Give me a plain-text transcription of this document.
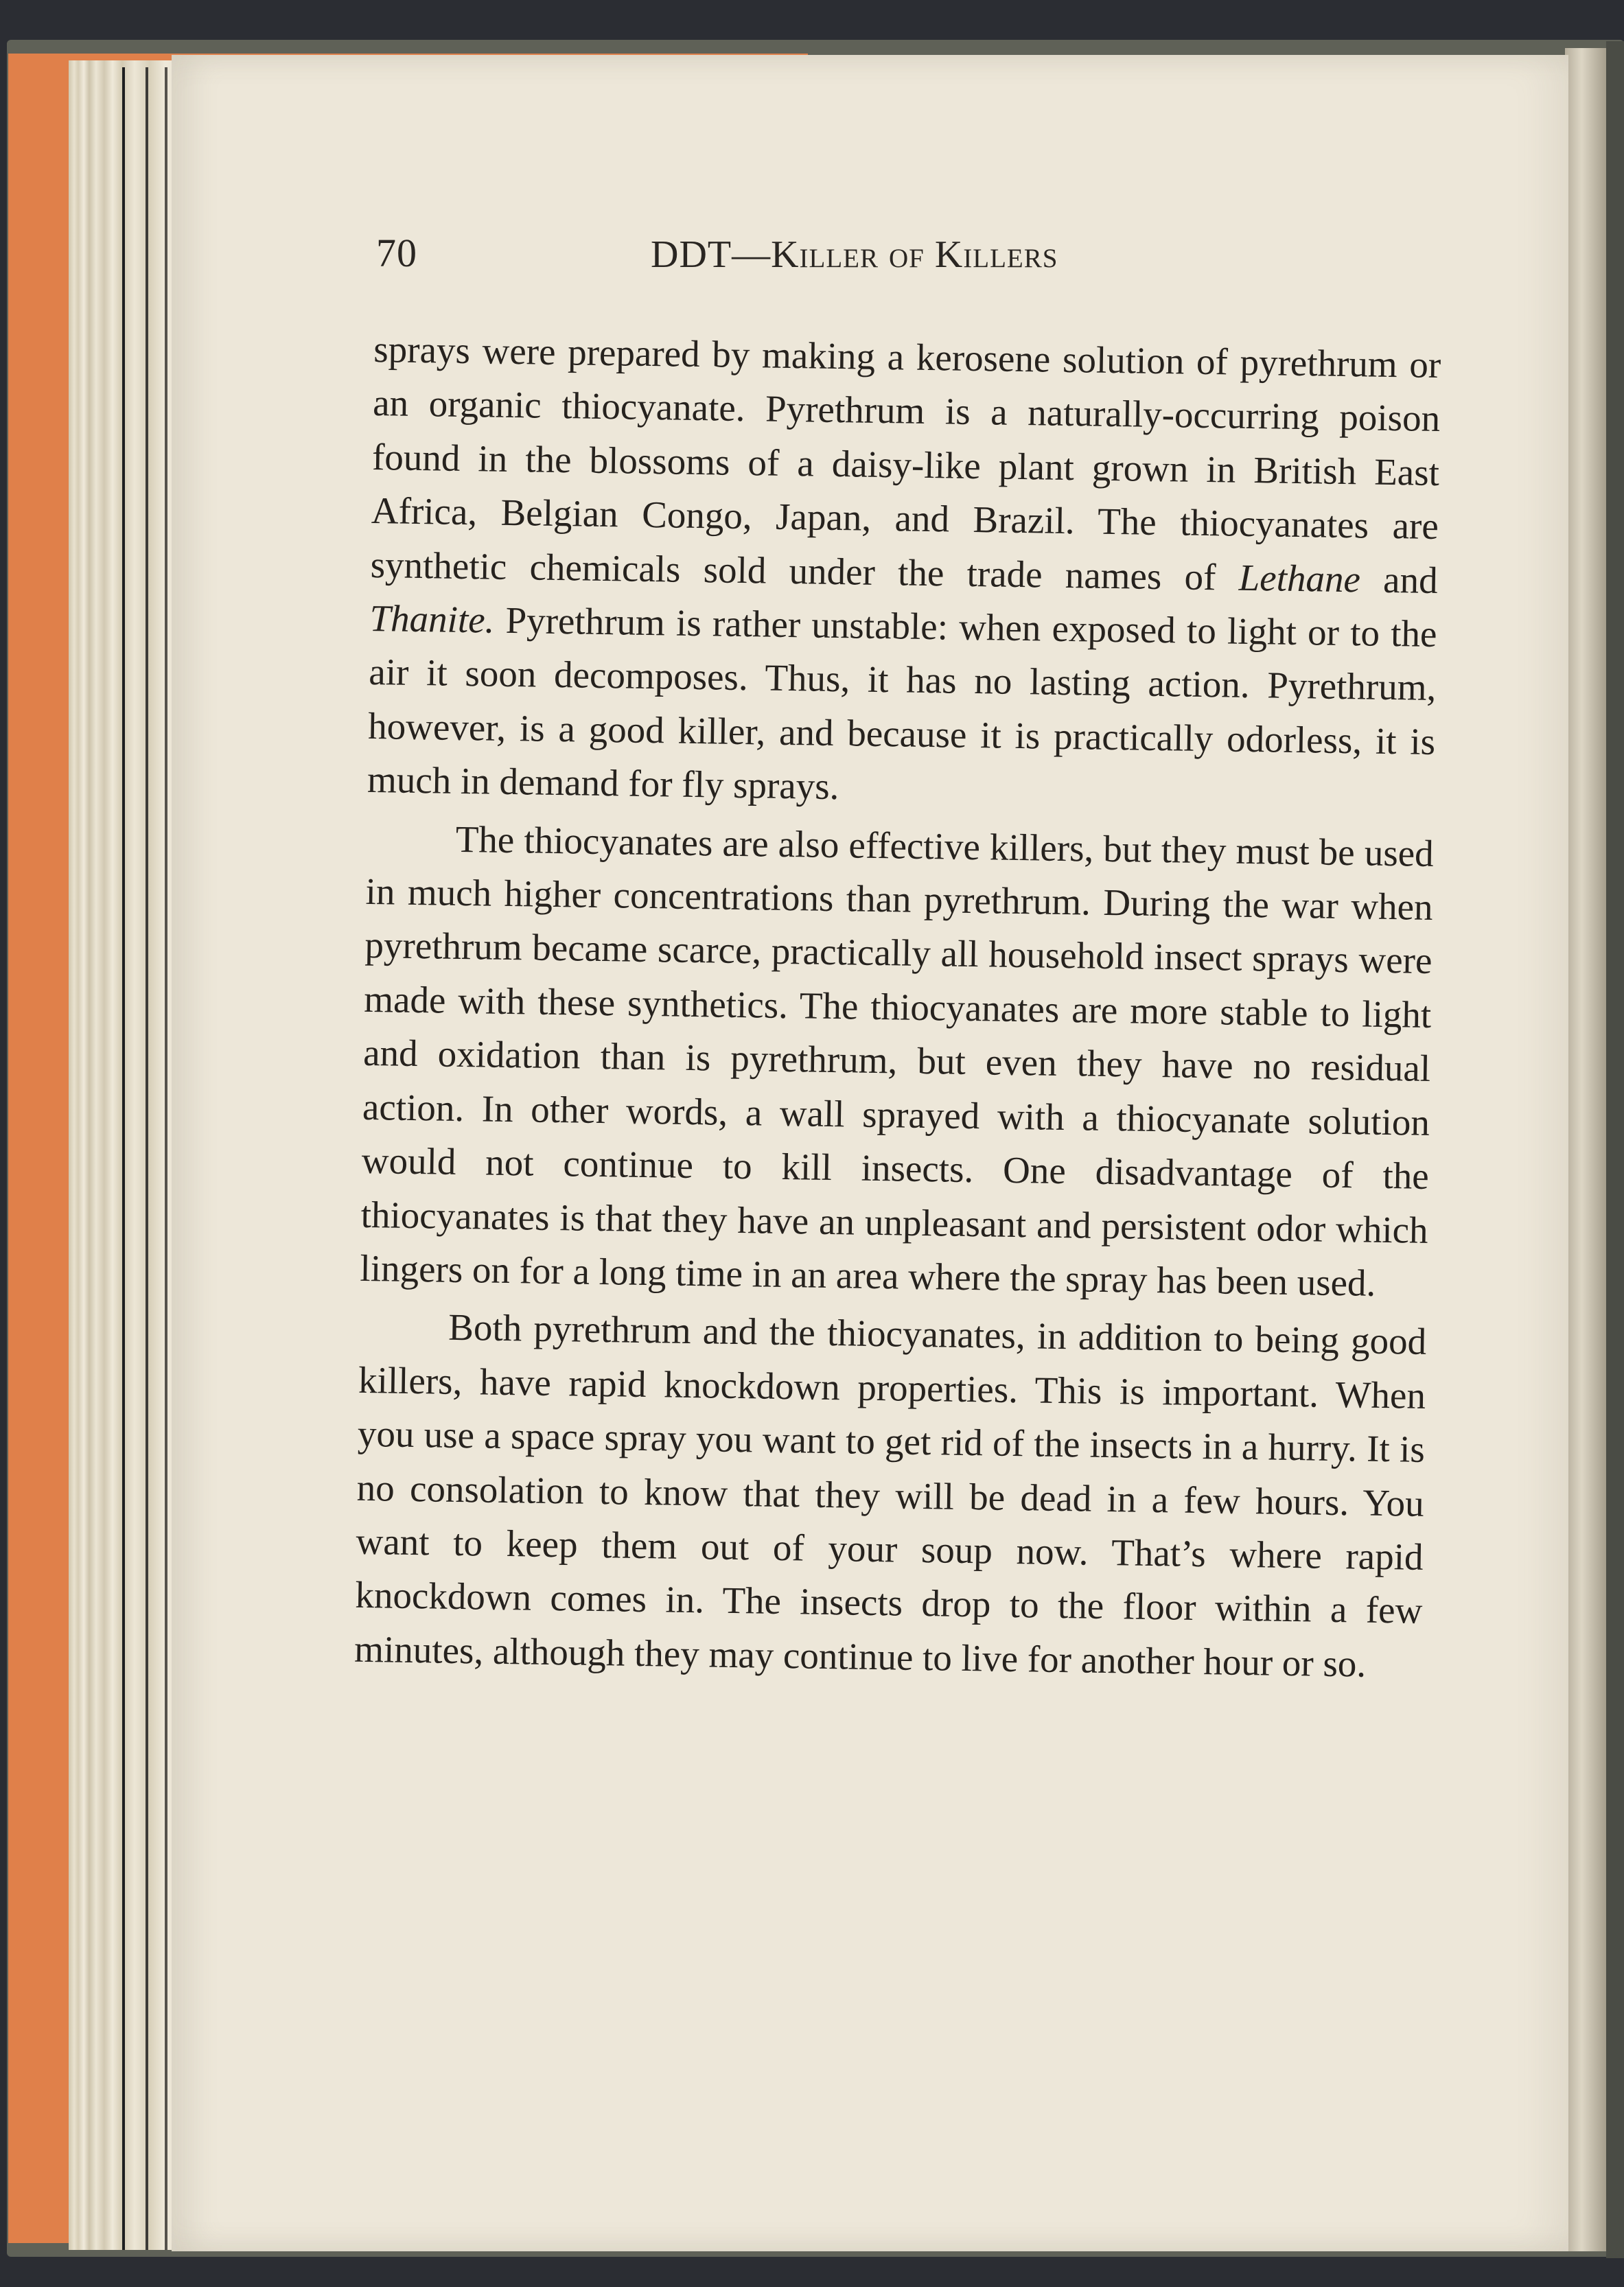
70	DDT—Killer of Killers

sprays were prepared by making a kerosene solution of pyrethrum or an organic thiocyanate. Pyrethrum is a naturally-occurring poison found in the blossoms of a daisy-like plant grown in British East Africa, Belgian Congo, Japan, and Brazil. The thiocyanates are synthetic chemicals sold under the trade names of Lethane and Thanite. Pyrethrum is rather unstable: when exposed to light or to the air it soon decomposes. Thus, it has no lasting action. Pyrethrum, however, is a good killer, and because it is practically odorless, it is much in demand for fly sprays.

The thiocyanates are also effective killers, but they must be used in much higher concentrations than pyrethrum. During the war when pyrethrum became scarce, practically all household insect sprays were made with these synthetics. The thiocyanates are more stable to light and oxidation than is pyrethrum, but even they have no residual action. In other words, a wall sprayed with a thiocyanate solution would not continue to kill insects. One disadvantage of the thiocyanates is that they have an unpleasant and persistent odor which lingers on for a long time in an area where the spray has been used.

Both pyrethrum and the thiocyanates, in addition to being good killers, have rapid knockdown properties. This is important. When you use a space spray you want to get rid of the insects in a hurry. It is no consolation to know that they will be dead in a few hours. You want to keep them out of your soup now. That’s where rapid knockdown comes in. The insects drop to the floor within a few minutes, although they may continue to live for another hour or so.
